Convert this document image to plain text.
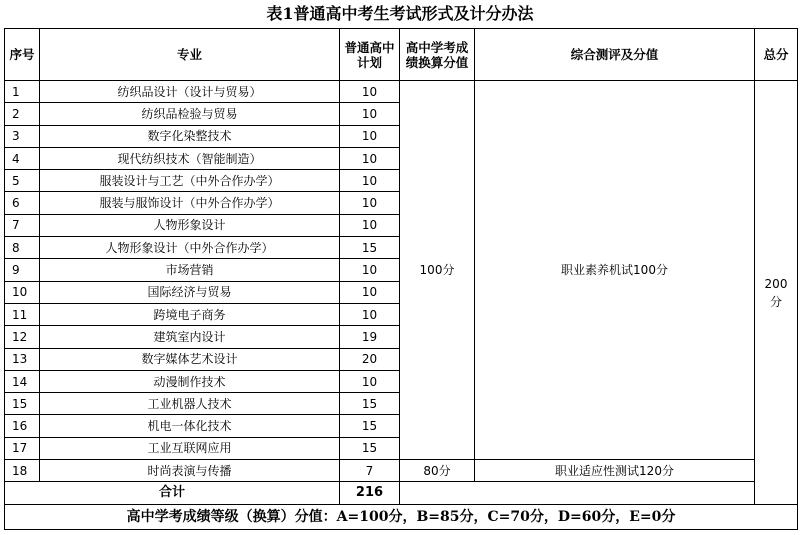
表1普通高中考生考试形式及计分办法
序号	专业	普通高中计划	高中学考成绩换算分值	综合测评及分值	总分
1	纺织品设计（设计与贸易）	10	100分	职业素养机试100分	200分
2	纺织品检验与贸易	10			
3	数字化染整技术	10			
4	现代纺织技术（智能制造）	10			
5	服装设计与工艺（中外合作办学）	10			
6	服装与服饰设计（中外合作办学）	10			
7	人物形象设计	10			
8	人物形象设计（中外合作办学）	15			
9	市场营销	10			
10	国际经济与贸易	10			
11	跨境电子商务	10			
12	建筑室内设计	19			
13	数字媒体艺术设计	20			
14	动漫制作技术	10			
15	工业机器人技术	15			
16	机电一体化技术	15			
17	工业互联网应用	15			
18	时尚表演与传播	7	80分	职业适应性测试120分	
合计		216			
高中学考成绩等级（换算）分值：A=100分，B=85分，C=70分，D=60分，E=0分					
